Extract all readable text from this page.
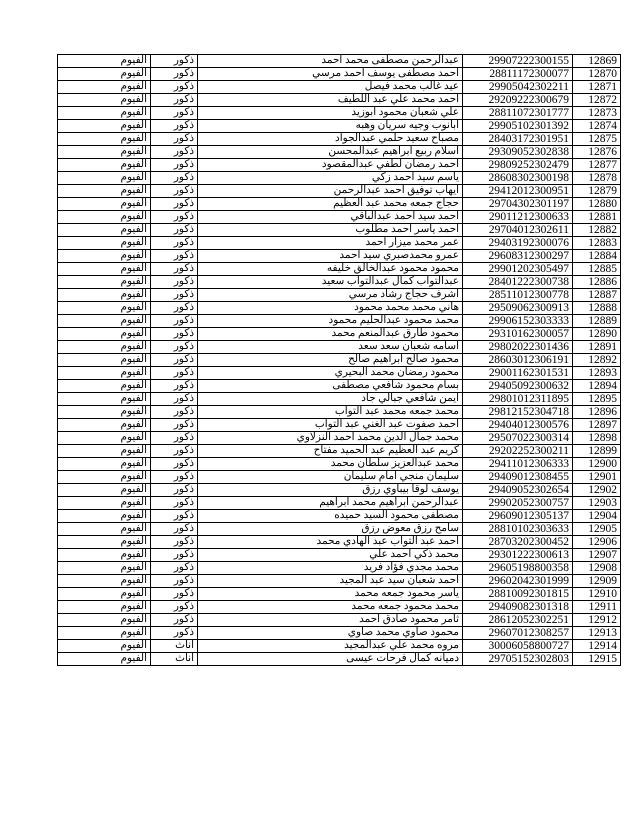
الفيوم	ذكور	عبدالرحمن مصطفى محمد احمد	29907222300155	12869
الفيوم	ذكور	احمد مصطفى يوسف احمد مرسي	28811172300077	12870
الفيوم	ذكور	عيد غالب محمد فيصل	29905042302211	12871
الفيوم	ذكور	احمد محمد علي عبد اللطيف	29209222300679	12872
الفيوم	ذكور	علي شعبان محمود ابوزيد	28811072301777	12873
الفيوم	ذكور	ابانوب وجيه سريان وهبه	29905102301392	12874
الفيوم	ذكور	مصباح سعيد حلمي عبدالجواد	28403172301951	12875
الفيوم	ذكور	اسلام ربيع ابراهيم عبدالمحسن	29309052302838	12876
الفيوم	ذكور	احمد رمضان لطفي عبدالمقصود	29809252302479	12877
الفيوم	ذكور	ياسم سيد احمد زكي	28608302300198	12878
الفيوم	ذكور	ايهاب توفيق احمد عبدالرحمن	29412012300951	12879
الفيوم	ذكور	حجاج جمعه محمد عبد العظيم	29704302301197	12880
الفيوم	ذكور	احمد سيد احمد عبدالباقي	29011212300633	12881
الفيوم	ذكور	احمد ياسر احمد مطلوب	29704012302611	12882
الفيوم	ذكور	عمر محمد ميزار احمد	29403192300076	12883
الفيوم	ذكور	عمرو محمدصبري سيد احمد	29608312300297	12884
الفيوم	ذكور	محمود محمود عبدالخالق خليفه	29901202305497	12885
الفيوم	ذكور	عبدالتواب كمال عبدالتواب سعيد	28401222300738	12886
الفيوم	ذكور	اشرف حجاج رشاد مرسي	28511012300778	12887
الفيوم	ذكور	هاني محمد محمد محمود	29509062300913	12888
الفيوم	ذكور	محمد محمود عبدالحليم محمود	29906152303333	12889
الفيوم	ذكور	محمود طارق عبدالمنعم محمد	29310162300057	12890
الفيوم	ذكور	اسامه شعبان سعد سعد	29802022301436	12891
الفيوم	ذكور	محمود صالح ابراهيم صالح	28603012306191	12892
الفيوم	ذكور	محمود رمضان محمد البحيري	29001162301531	12893
الفيوم	ذكور	بسام محمود شافعي مصطفى	29405092300632	12894
الفيوم	ذكور	ايمن شافعي جبالي جاد	29801012311895	12895
الفيوم	ذكور	محمد جمعه محمد عبد التواب	29812152304718	12896
الفيوم	ذكور	احمد صفوت عبد الغني عبد التواب	29404012300576	12897
الفيوم	ذكور	محمد جمال الدين محمد احمد النزلاوي	29507022300314	12898
الفيوم	ذكور	كريم عبد العظيم عبد الحميد مفتاح	29202252300211	12899
الفيوم	ذكور	محمد عبدالعزيز سلطان محمد	29411012306333	12900
الفيوم	ذكور	سليمان منجي امام سليمان	29409012308455	12901
الفيوم	ذكور	يوسف لوقا بيباوي رزق	29409052302654	12902
الفيوم	ذكور	عبدالرحمن ابراهيم محمد ابراهيم	29902052300757	12903
الفيوم	ذكور	مصطفى محمود السيد حميده	29609012305137	12904
الفيوم	ذكور	سامح رزق معوض رزق	28810102303633	12905
الفيوم	ذكور	احمد عبد التواب عبد الهادي محمد	28703202300452	12906
الفيوم	ذكور	محمد ذكي احمد علي	29301222300613	12907
الفيوم	ذكور	محمد مجدي فؤاد فريد	29605198800358	12908
الفيوم	ذكور	احمد شعبان سيد عبد المجيد	29602042301999	12909
الفيوم	ذكور	ياسر محمود جمعه محمد	28810092301815	12910
الفيوم	ذكور	محمد محمود جمعه محمد	29409082301318	12911
الفيوم	ذكور	ثامر محمود صادق احمد	28612052302251	12912
الفيوم	ذكور	محمود صاوي محمد صاوي	29607012308257	12913
الفيوم	اناث	مروه محمد علي عبدالمجيد	30006058800727	12914
الفيوم	اناث	دميانه كمال فرحات عيسى	29705152302803	12915
